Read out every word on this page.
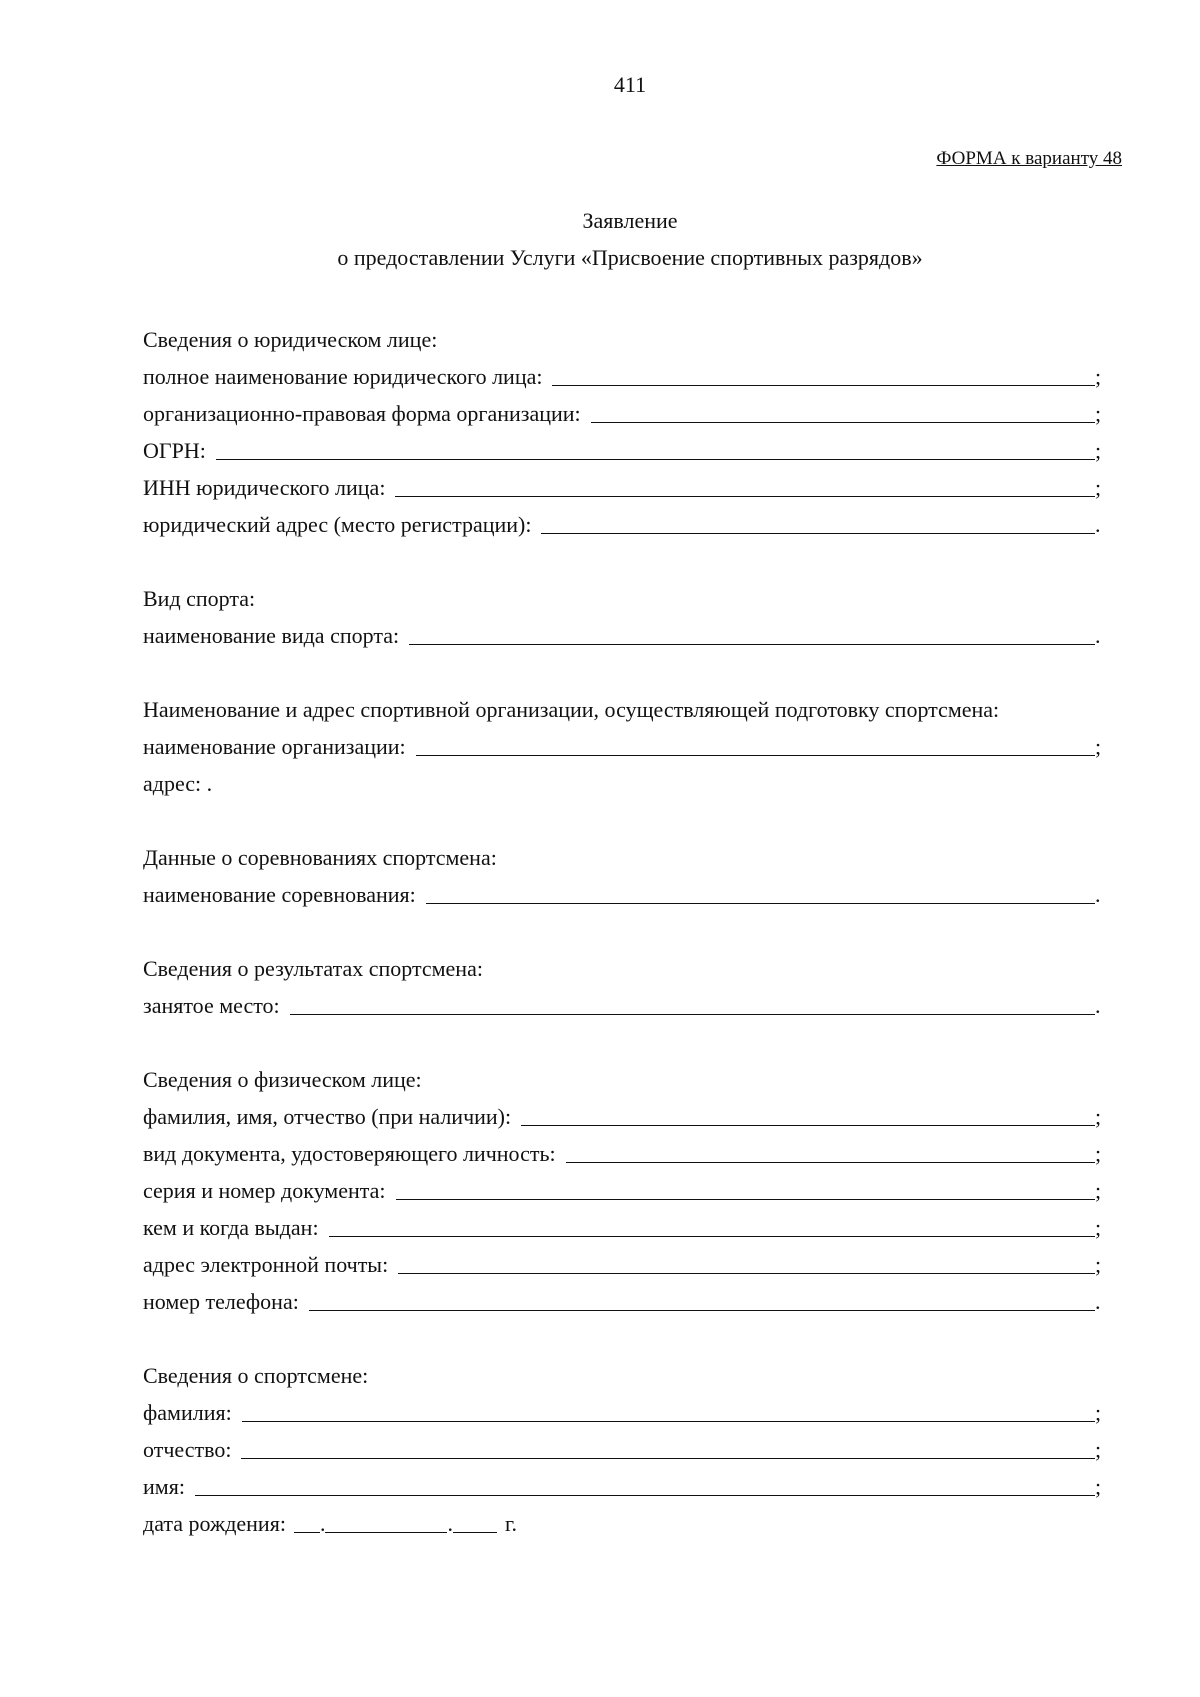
411
ФОРМА к варианту 48
Заявление
о предоставлении Услуги «Присвоение спортивных разрядов»
Сведения о юридическом лице:
полное наименование юридического лица:	;
организационно-правовая форма организации:	;
ОГРН:	;
ИНН юридического лица:	;
юридический адрес (место регистрации):	.
Вид спорта:
наименование вида спорта:	.
Наименование и адрес спортивной организации, осуществляющей подготовку спортсмена:
наименование организации:	;
адрес: .
Данные о соревнованиях спортсмена:
наименование соревнования:	.
Сведения о результатах спортсмена:
занятое место:	.
Сведения о физическом лице:
фамилия, имя, отчество (при наличии):	;
вид документа, удостоверяющего личность:	;
серия и номер документа:	;
кем и когда выдан:	;
адрес электронной почты:	;
номер телефона:	.
Сведения о спортсмене:
фамилия:	;
отчество:	;
имя:	;
дата рождения: .	. г.
